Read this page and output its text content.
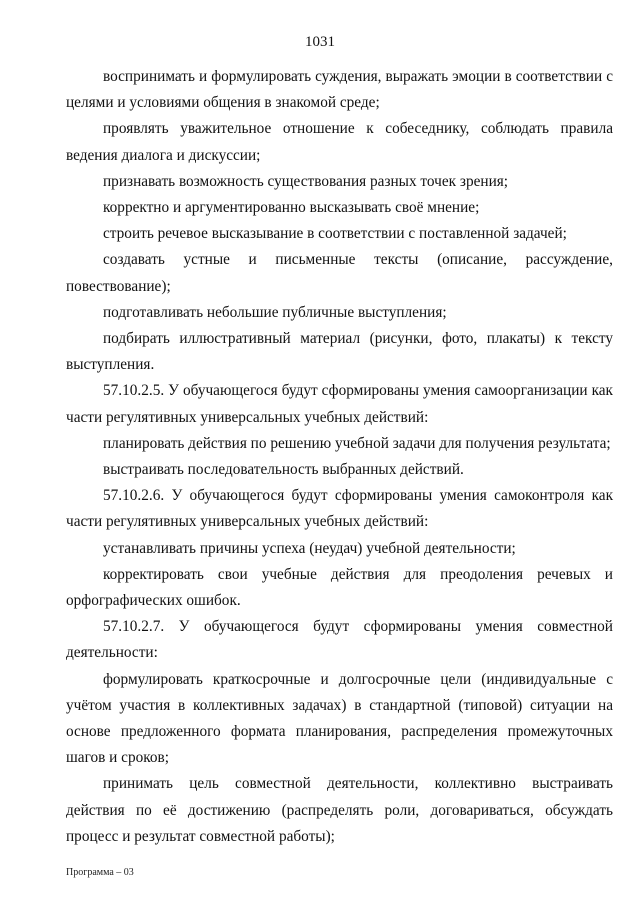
1031

воспринимать и формулировать суждения, выражать эмоции в соответствии с целями и условиями общения в знакомой среде;

проявлять уважительное отношение к собеседнику, соблюдать правила ведения диалога и дискуссии;

признавать возможность существования разных точек зрения;

корректно и аргументированно высказывать своё мнение;

строить речевое высказывание в соответствии с поставленной задачей;

создавать устные и письменные тексты (описание, рассуждение, повествование);

подготавливать небольшие публичные выступления;

подбирать иллюстративный материал (рисунки, фото, плакаты) к тексту выступления.

57.10.2.5. У обучающегося будут сформированы умения самоорганизации как части регулятивных универсальных учебных действий:

планировать действия по решению учебной задачи для получения результата;

выстраивать последовательность выбранных действий.

57.10.2.6. У обучающегося будут сформированы умения самоконтроля как части регулятивных универсальных учебных действий:

устанавливать причины успеха (неудач) учебной деятельности;

корректировать свои учебные действия для преодоления речевых и орфографических ошибок.

57.10.2.7. У обучающегося будут сформированы умения совместной деятельности:

формулировать краткосрочные и долгосрочные цели (индивидуальные с учётом участия в коллективных задачах) в стандартной (типовой) ситуации на основе предложенного формата планирования, распределения промежуточных шагов и сроков;

принимать цель совместной деятельности, коллективно выстраивать действия по её достижению (распределять роли, договариваться, обсуждать процесс и результат совместной работы);

Программа – 03
